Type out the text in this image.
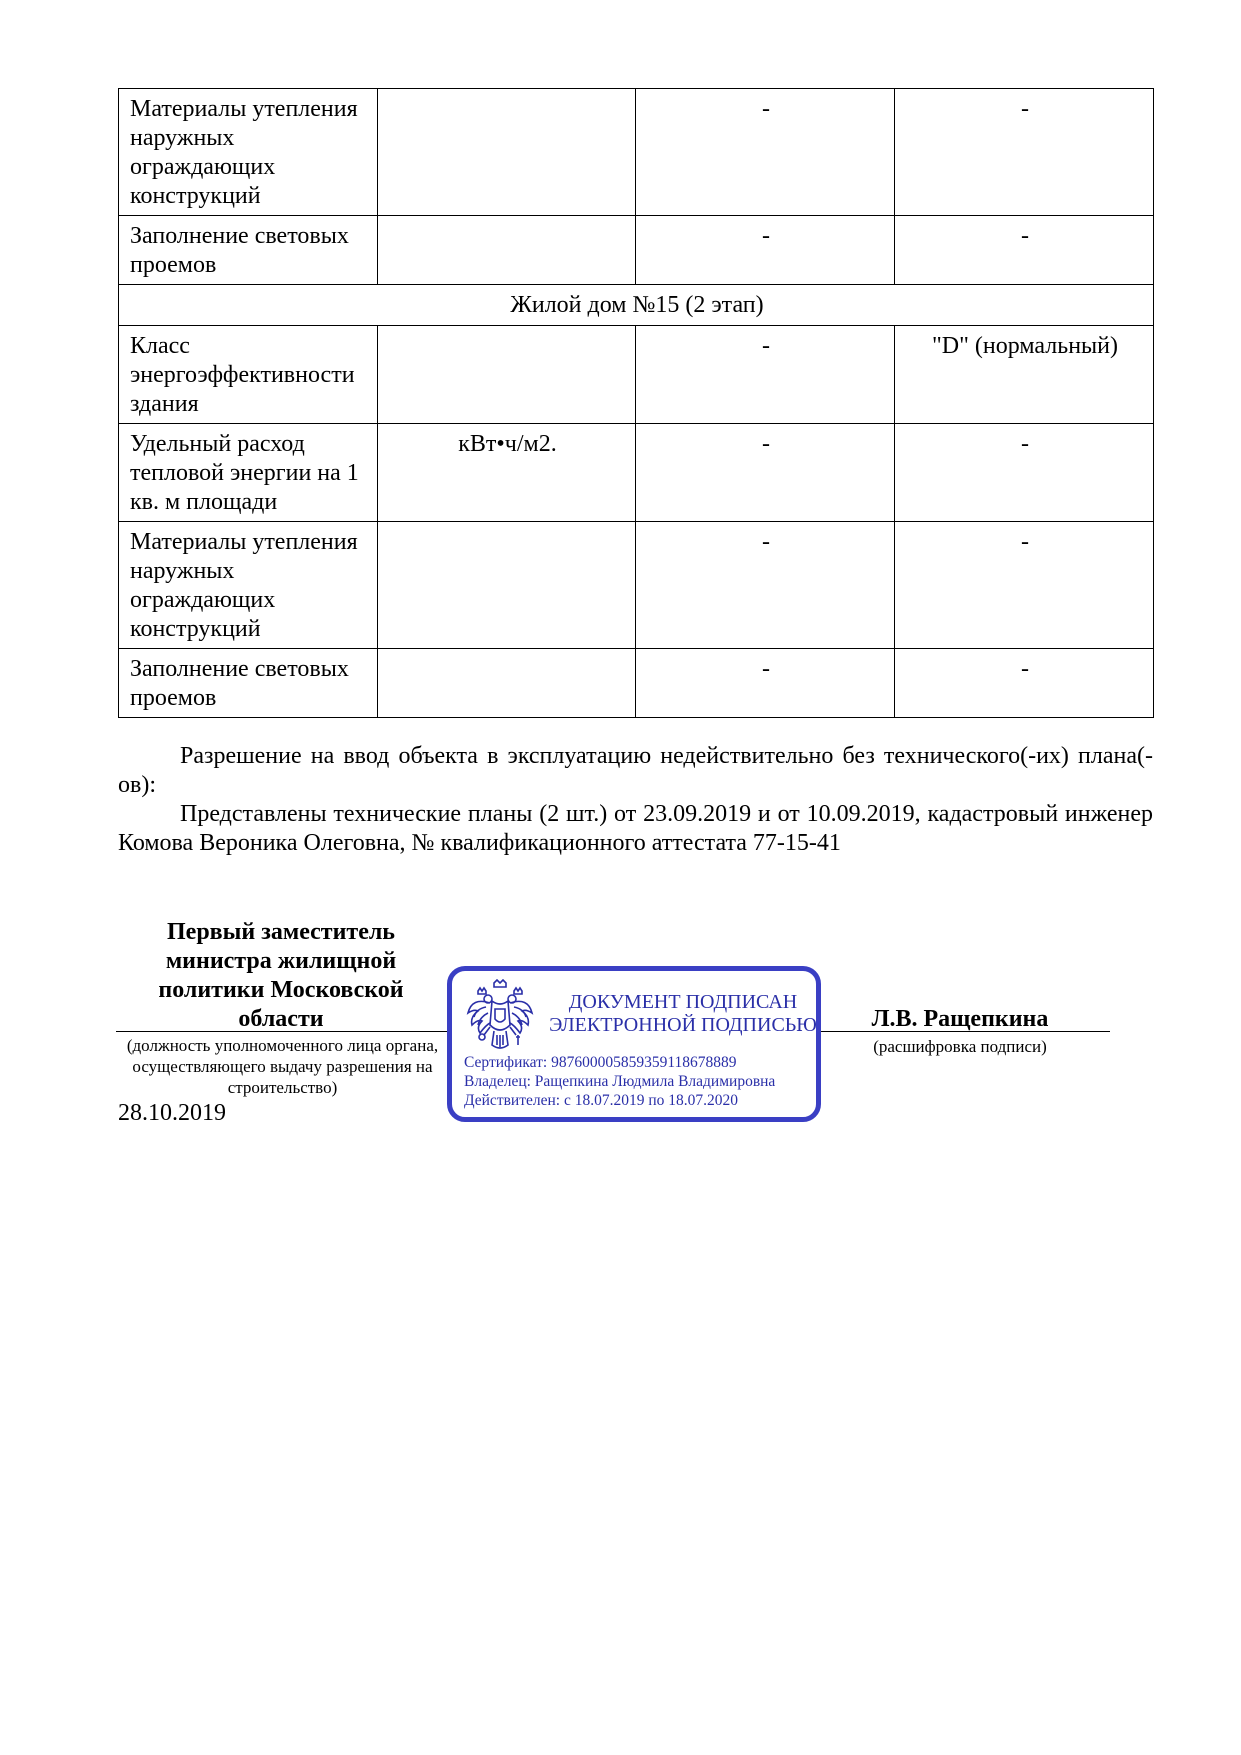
Материалы утепления наружных ограждающих конструкций		-	-
Заполнение световых проемов		-	-
Жилой дом №15 (2 этап)			
Класс энергоэффективности здания		-	"D" (нормальный)
Удельный расход тепловой энергии на 1 кв. м площади	кВт•ч/м2.	-	-
Материалы утепления наружных ограждающих конструкций		-	-
Заполнение световых проемов		-	-
Разрешение на ввод объекта в эксплуатацию недействительно без технического(-их) плана(-ов):
Представлены технические планы (2 шт.) от 23.09.2019 и от 10.09.2019, кадастровый инженер Комова Вероника Олеговна, № квалификационного аттестата 77-15-41
Первый заместитель министра жилищной политики Московской области
(должность уполномоченного лица органа, осуществляющего выдачу разрешения на строительство)
Л.В. Ращепкина
(расшифровка подписи)
28.10.2019
ДОКУМЕНТ ПОДПИСАН
ЭЛЕКТРОННОЙ ПОДПИСЬЮ
Сертификат: 987600005859359118678889
Владелец: Ращепкина Людмила Владимировна
Действителен: с 18.07.2019 по 18.07.2020
